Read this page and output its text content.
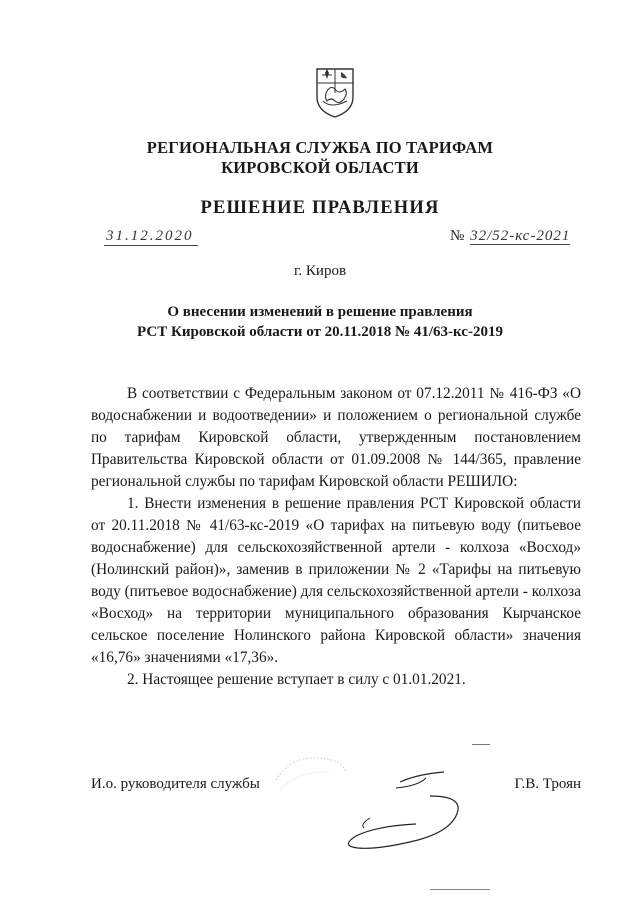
РЕГИОНАЛЬНАЯ СЛУЖБА ПО ТАРИФАМ
КИРОВСКОЙ ОБЛАСТИ
РЕШЕНИЕ ПРАВЛЕНИЯ
31.12.2020	№ 32/52-кс-2021
г. Киров
О внесении изменений в решение правления
РСТ Кировской области от 20.11.2018 № 41/63-кс-2019

В соответствии с Федеральным законом от 07.12.2011 № 416-ФЗ «О водоснабжении и водоотведении» и положением о региональной службе по тарифам Кировской области, утвержденным постановлением Правительства Кировской области от 01.09.2008 № 144/365, правление региональной службы по тарифам Кировской области РЕШИЛО:

1. Внести изменения в решение правления РСТ Кировской области от 20.11.2018 № 41/63-кс-2019 «О тарифах на питьевую воду (питьевое водоснабжение) для сельскохозяйственной артели - колхоза «Восход» (Нолинский район)», заменив в приложении № 2 «Тарифы на питьевую воду (питьевое водоснабжение) для сельскохозяйственной артели - колхоза «Восход» на территории муниципального образования Кырчанское сельское поселение Нолинского района Кировской области» значения «16,76» значениями «17,36».

2. Настоящее решение вступает в силу с 01.01.2021.

И.о. руководителя службы	Г.В. Троян
